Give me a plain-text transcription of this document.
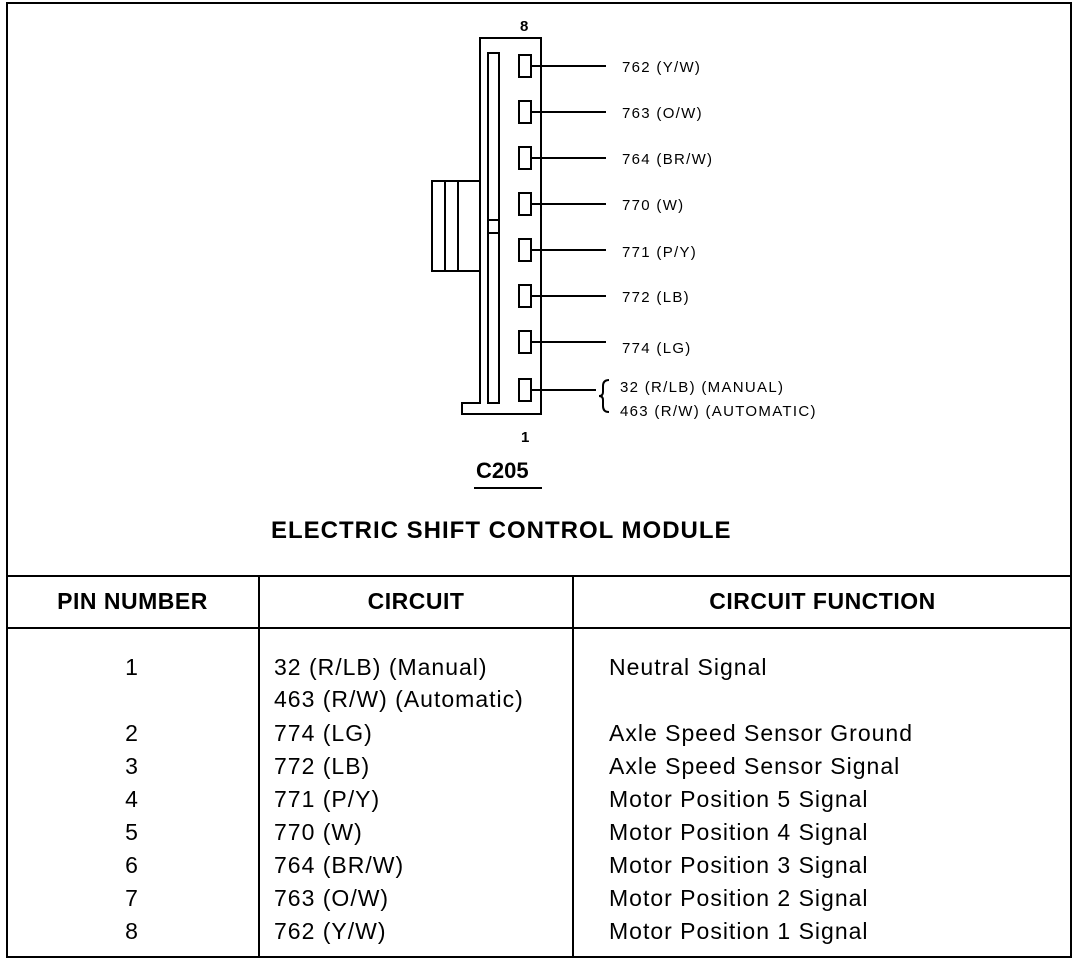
8
1
762 (Y/W)
763 (O/W)
764 (BR/W)
770 (W)
771 (P/Y)
772 (LB)
774 (LG)
32 (R/LB) (MANUAL)
463 (R/W) (AUTOMATIC)
C205
ELECTRIC SHIFT CONTROL MODULE
PIN NUMBER	CIRCUIT	CIRCUIT FUNCTION
1	32 (R/LB) (Manual)	Neutral Signal
463 (R/W) (Automatic)
2	774 (LG)	Axle Speed Sensor Ground
3	772 (LB)	Axle Speed Sensor Signal
4	771 (P/Y)	Motor Position 5 Signal
5	770 (W)	Motor Position 4 Signal
6	764 (BR/W)	Motor Position 3 Signal
7	763 (O/W)	Motor Position 2 Signal
8	762 (Y/W)	Motor Position 1 Signal
